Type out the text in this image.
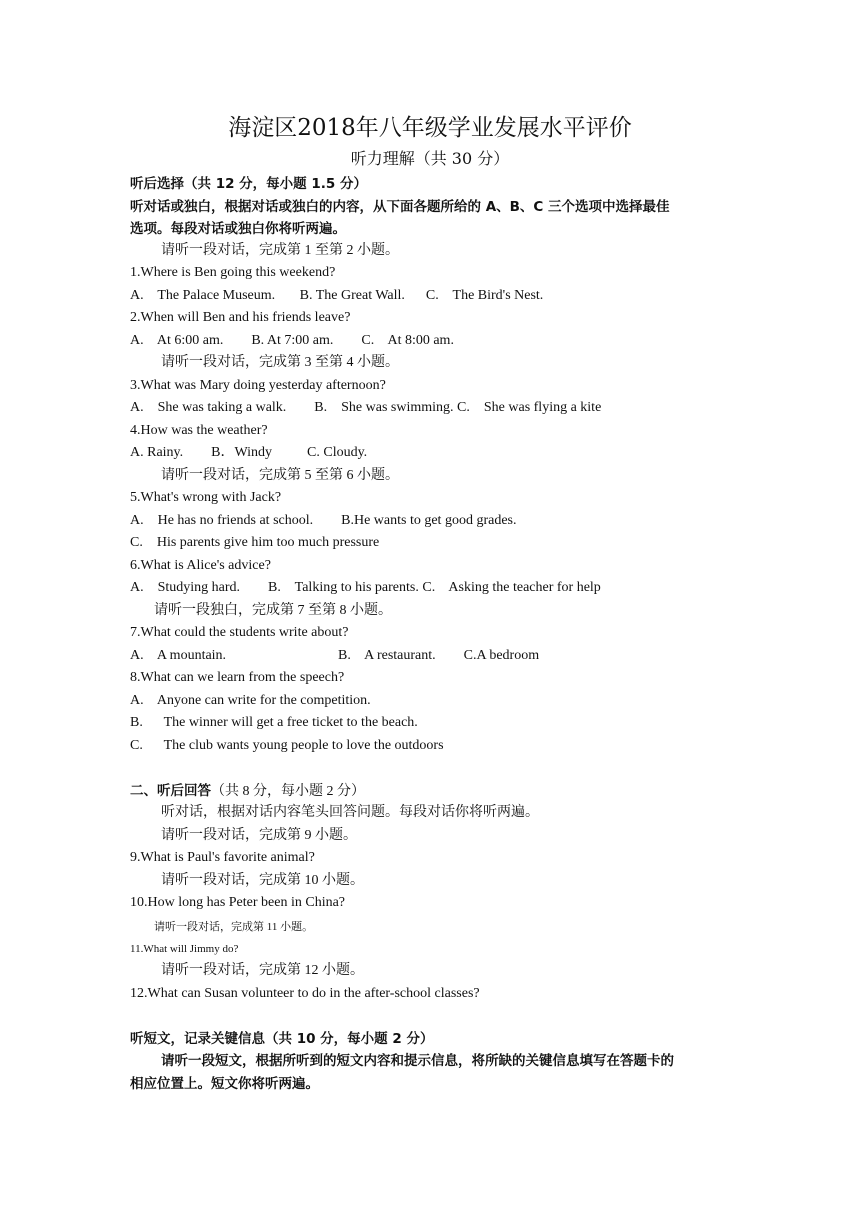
海淀区2018年八年级学业发展水平评价
听力理解（共 30 分）
听后选择（共 12 分，每小题 1.5 分）
听对话或独白，根据对话或独白的内容，从下面各题所给的 A、B、C 三个选项中选择最佳
选项。每段对话或独白你将听两遍。
请听一段对话，完成第 1 至第 2 小题。
1.Where is Ben going this weekend?
A.    The Palace Museum.       B. The Great Wall.      C.    The Bird's Nest.
2.When will Ben and his friends leave?
A.    At 6:00 am.        B. At 7:00 am.        C.    At 8:00 am.
请听一段对话，完成第 3 至第 4 小题。
3.What was Mary doing yesterday afternoon?
A.    She was taking a walk.        B.    She was swimming. C.    She was flying a kite
4.How was the weather?
A. Rainy.        B．Windy          C. Cloudy.
请听一段对话，完成第 5 至第 6 小题。
5.What's wrong with Jack?
A.    He has no friends at school.        B.He wants to get good grades.
C.    His parents give him too much pressure
6.What is Alice's advice?
A.    Studying hard.        B.    Talking to his parents. C.    Asking the teacher for help
请听一段独白，完成第 7 至第 8 小题。
7.What could the students write about?
A.    A mountain.                                B.    A restaurant.        C.A bedroom
8.What can we learn from the speech?
A.    Anyone can write for the competition.
B.      The winner will get a free ticket to the beach.
C.      The club wants young people to love the outdoors
二、听后回答（共 8 分，每小题 2 分）
听对话，根据对话内容笔头回答问题。每段对话你将听两遍。
请听一段对话，完成第 9 小题。
9.What is Paul's favorite animal?
请听一段对话，完成第 10 小题。
10.How long has Peter been in China?
请听一段对话，完成第 11 小题。
11.What will Jimmy do?
请听一段对话，完成第 12 小题。
12.What can Susan volunteer to do in the after-school classes?
听短文，记录关键信息（共 10 分，每小题 2 分）
请听一段短文，根据所听到的短文内容和提示信息，将所缺的关键信息填写在答题卡的
相应位置上。短文你将听两遍。
